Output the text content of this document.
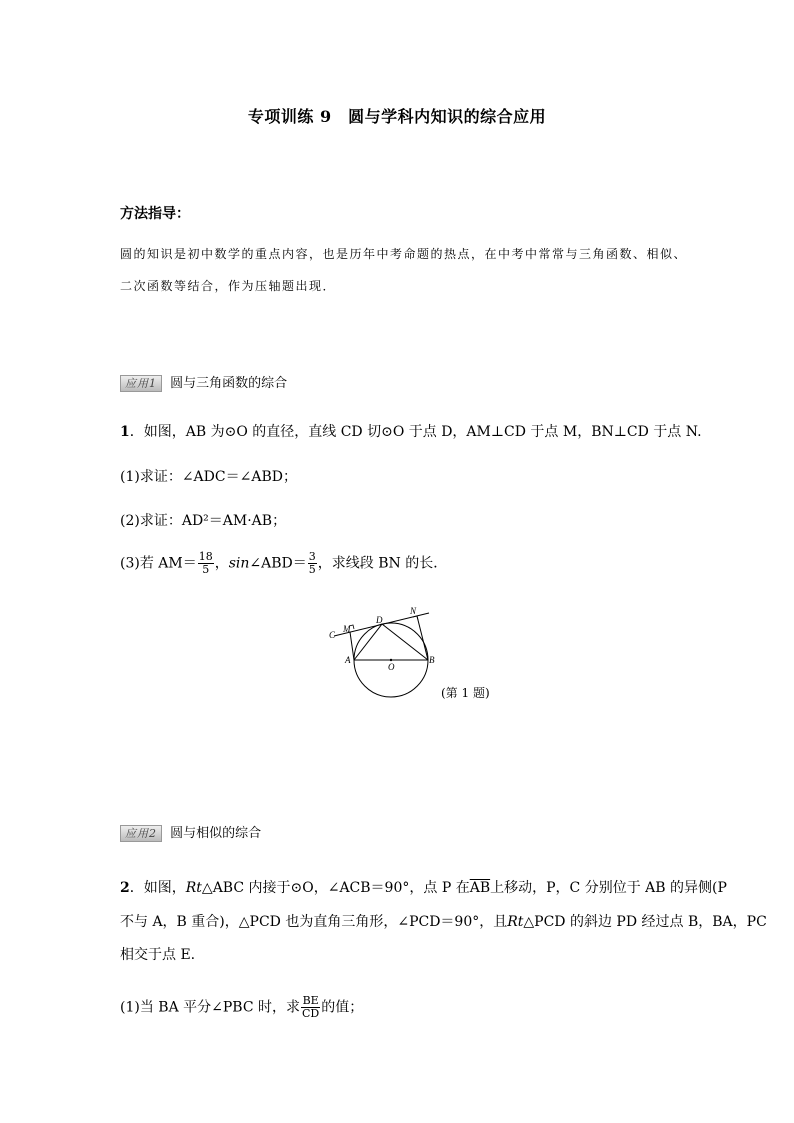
专项训练 9　圆与学科内知识的综合应用
方法指导：
圆的知识是初中数学的重点内容，也是历年中考命题的热点，在中考中常常与三角函数、相似、
二次函数等结合，作为压轴题出现．
应用1 圆与三角函数的综合
1．如图，AB 为⊙O 的直径，直线 CD 切⊙O 于点 D，AM⊥CD 于点 M，BN⊥CD 于点 N.
(1)求证：∠ADC＝∠ABD；
(2)求证：AD²＝AM·AB；
(3)若 $AM= \frac{18}{5}$ ，sin∠ABD＝ $\frac{3}{5}$ ，求线段 BN 的长．
C
M
D
N
A
O
B
(第 1 题)
应用2 圆与相似的综合
2．如图，Rt△ABC 内接于⊙O，∠ACB＝90°，点 P 在$\overline{AB}$上移动，P，C 分别位于 AB 的异侧(P
不与 A，B 重合)，△PCD 也为直角三角形，∠PCD＝90°，且Rt△PCD 的斜边 PD 经过点 B，BA，PC
相交于点 E.
(1)当 BA 平分∠PBC 时，求 $\frac{BE}{CD}$ 的值；
